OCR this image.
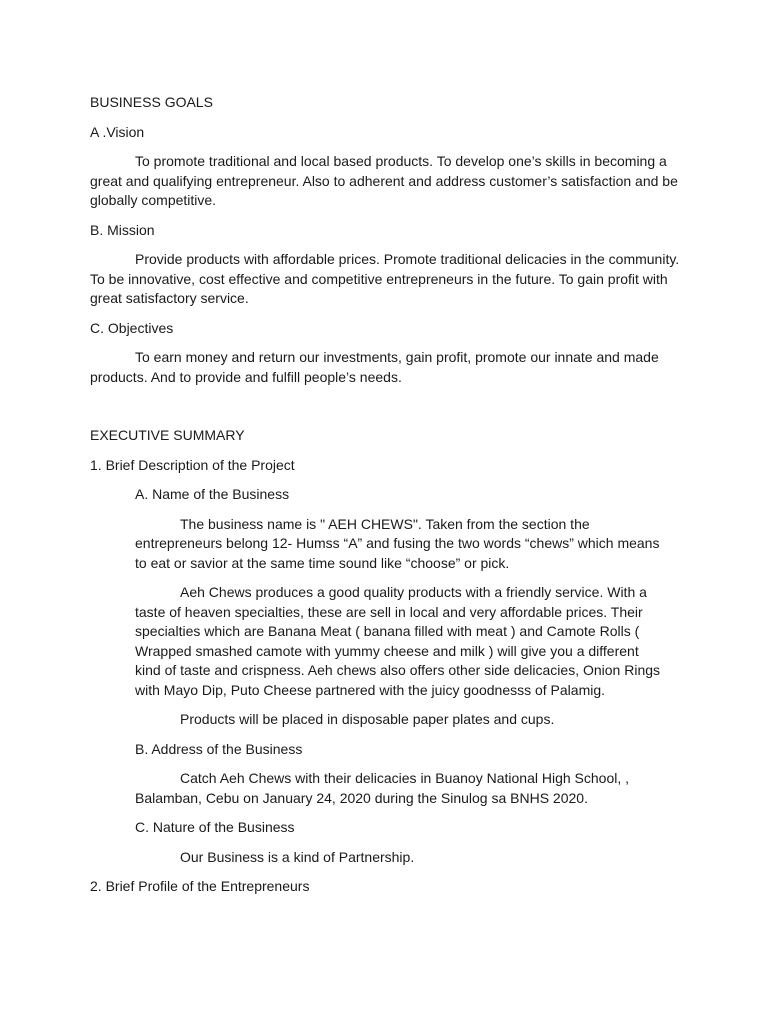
BUSINESS GOALS

A .Vision

To promote traditional and local based products. To develop one’s skills in becoming a great and qualifying entrepreneur. Also to adherent and address customer’s satisfaction and be globally competitive.

B. Mission

Provide products with affordable prices. Promote traditional delicacies in the community. To be innovative, cost effective and competitive entrepreneurs in the future. To gain profit with great satisfactory service.

C. Objectives

To earn money and return our investments, gain profit, promote our innate and made products. And to provide and fulfill people’s needs.

EXECUTIVE SUMMARY

1. Brief Description of the Project

A. Name of the Business

The business name is " AEH CHEWS". Taken from the section the entrepreneurs belong 12- Humss “A” and fusing the two words “chews” which means to eat or savior at the same time sound like “choose” or pick.

Aeh Chews produces a good quality products with a friendly service. With a taste of heaven specialties, these are sell in local and very affordable prices. Their specialties which are Banana Meat ( banana filled with meat ) and Camote Rolls ( Wrapped smashed camote with yummy cheese and milk ) will give you a different kind of taste and crispness. Aeh chews also offers other side delicacies, Onion Rings with Mayo Dip, Puto Cheese partnered with the juicy goodnesss of Palamig.

Products will be placed in disposable paper plates and cups.

B. Address of the Business

Catch Aeh Chews with their delicacies in Buanoy National High School, , Balamban, Cebu on January 24, 2020 during the Sinulog sa BNHS 2020.

C. Nature of the Business

Our Business is a kind of Partnership.

2. Brief Profile of the Entrepreneurs
